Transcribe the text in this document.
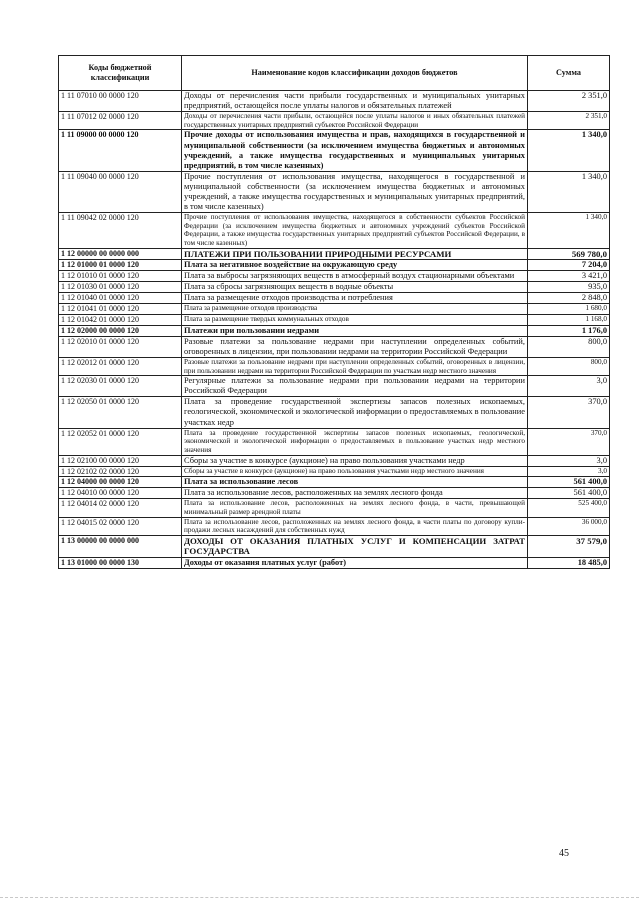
Коды бюджетной классификации	Наименование кодов классификации доходов бюджетов	Сумма
1 11 07010 00 0000 120	Доходы от перечисления части прибыли государственных и муниципальных унитарных предприятий, остающейся после уплаты налогов и обязательных платежей	2 351,0
1 11 07012 02 0000 120	Доходы от перечисления части прибыли, остающейся после уплаты налогов и иных обязательных платежей государственных унитарных предприятий субъектов Российской Федерации	2 351,0
1 11 09000 00 0000 120	Прочие доходы от использования имущества и прав, находящихся в государственной и муниципальной собственности (за исключением имущества бюджетных и автономных учреждений, а также имущества государственных и муниципальных унитарных предприятий, в том числе казенных)	1 340,0
1 11 09040 00 0000 120	Прочие поступления от использования имущества, находящегося в государственной и муниципальной собственности (за исключением имущества бюджетных и автономных учреждений, а также имущества государственных и муниципальных унитарных предприятий, в том числе казенных)	1 340,0
1 11 09042 02 0000 120	Прочие поступления от использования имущества, находящегося в собственности субъектов Российской Федерации (за исключением имущества бюджетных и автономных учреждений субъектов Российской Федерации, а также имущества государственных унитарных предприятий субъектов Российской Федерации, в том числе казенных)	1 340,0
1 12 00000 00 0000 000	ПЛАТЕЖИ ПРИ ПОЛЬЗОВАНИИ ПРИРОДНЫМИ РЕСУРСАМИ	569 780,0
1 12 01000 01 0000 120	Плата за негативное воздействие на окружающую среду	7 204,0
1 12 01010 01 0000 120	Плата за выбросы загрязняющих веществ в атмосферный воздух стационарными объектами	3 421,0
1 12 01030 01 0000 120	Плата за сбросы загрязняющих веществ в водные объекты	935,0
1 12 01040 01 0000 120	Плата за размещение отходов производства и потребления	2 848,0
1 12 01041 01 0000 120	Плата за размещение отходов производства	1 680,0
1 12 01042 01 0000 120	Плата за размещение твердых коммунальных отходов	1 168,0
1 12 02000 00 0000 120	Платежи при пользовании недрами	1 176,0
1 12 02010 01 0000 120	Разовые платежи за пользование недрами при наступлении определенных событий, оговоренных в лицензии, при пользовании недрами на территории Российской Федерации	800,0
1 12 02012 01 0000 120	Разовые платежи за пользование недрами при наступлении определенных событий, оговоренных в лицензии, при пользовании недрами на территории Российской Федерации по участкам недр местного значения	800,0
1 12 02030 01 0000 120	Регулярные платежи за пользование недрами при пользовании недрами на территории Российской Федерации	3,0
1 12 02050 01 0000 120	Плата за проведение государственной экспертизы запасов полезных ископаемых, геологической, экономической и экологической информации о предоставляемых в пользование участках недр	370,0
1 12 02052 01 0000 120	Плата за проведение государственной экспертизы запасов полезных ископаемых, геологической, экономической и экологической информации о предоставляемых в пользование участках недр местного значения	370,0
1 12 02100 00 0000 120	Сборы за участие в конкурсе (аукционе) на право пользования участками недр	3,0
1 12 02102 02 0000 120	Сборы за участие в конкурсе (аукционе) на право пользования участками недр местного значения	3,0
1 12 04000 00 0000 120	Плата за использование лесов	561 400,0
1 12 04010 00 0000 120	Плата за использование лесов, расположенных на землях лесного фонда	561 400,0
1 12 04014 02 0000 120	Плата за использование лесов, расположенных на землях лесного фонда, в части, превышающей минимальный размер арендной платы	525 400,0
1 12 04015 02 0000 120	Плата за использование лесов, расположенных на землях лесного фонда, в части платы по договору купли-продажи лесных насаждений для собственных нужд	36 000,0
1 13 00000 00 0000 000	ДОХОДЫ ОТ ОКАЗАНИЯ ПЛАТНЫХ УСЛУГ И КОМПЕНСАЦИИ ЗАТРАТ ГОСУДАРСТВА	37 579,0
1 13 01000 00 0000 130	Доходы от оказания платных услуг (работ)	18 485,0
45
